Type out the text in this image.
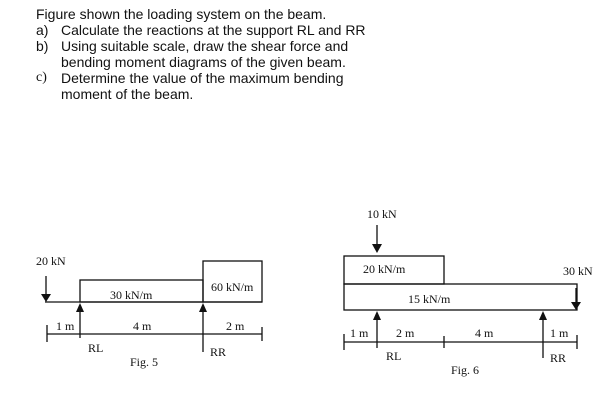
Figure shown the loading system on the beam.
a) Calculate the reactions at the support RL and RR
b) Using suitable scale, draw the shear force and bending moment diagrams of the given beam.
c) Determine the value of the maximum bending moment of the beam.
20 kN
30 kN/m
60 kN/m
1 m	4 m	2 m
RL	RR
Fig. 5
10 kN
30 kN
20 kN/m
15 kN/m
1 m 2 m	4 m	1 m
RL	RR
Fig. 6
